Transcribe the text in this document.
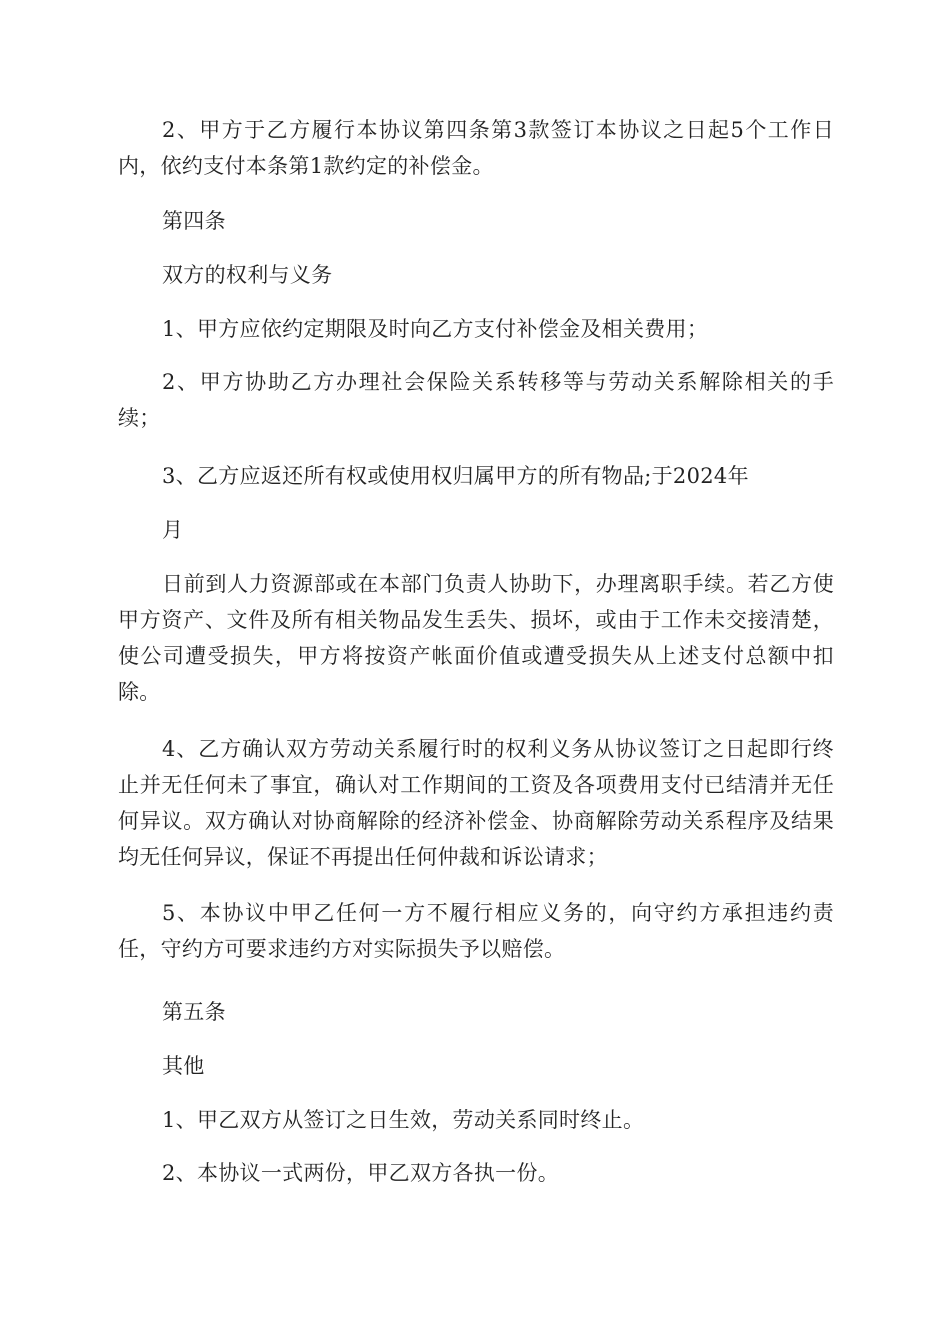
2、甲方于乙方履行本协议第四条第3款签订本协议之日起5个工作日内，依约支付本条第1款约定的补偿金。

第四条

双方的权利与义务

1、甲方应依约定期限及时向乙方支付补偿金及相关费用；

2、甲方协助乙方办理社会保险关系转移等与劳动关系解除相关的手续；

3、乙方应返还所有权或使用权归属甲方的所有物品;于2024年

月

日前到人力资源部或在本部门负责人协助下，办理离职手续。若乙方使甲方资产、文件及所有相关物品发生丢失、损坏，或由于工作未交接清楚，使公司遭受损失，甲方将按资产帐面价值或遭受损失从上述支付总额中扣除。

4、乙方确认双方劳动关系履行时的权利义务从协议签订之日起即行终止并无任何未了事宜，确认对工作期间的工资及各项费用支付已结清并无任何异议。双方确认对协商解除的经济补偿金、协商解除劳动关系程序及结果均无任何异议，保证不再提出任何仲裁和诉讼请求；

5、本协议中甲乙任何一方不履行相应义务的，向守约方承担违约责任，守约方可要求违约方对实际损失予以赔偿。

第五条

其他

1、甲乙双方从签订之日生效，劳动关系同时终止。

2、本协议一式两份，甲乙双方各执一份。
